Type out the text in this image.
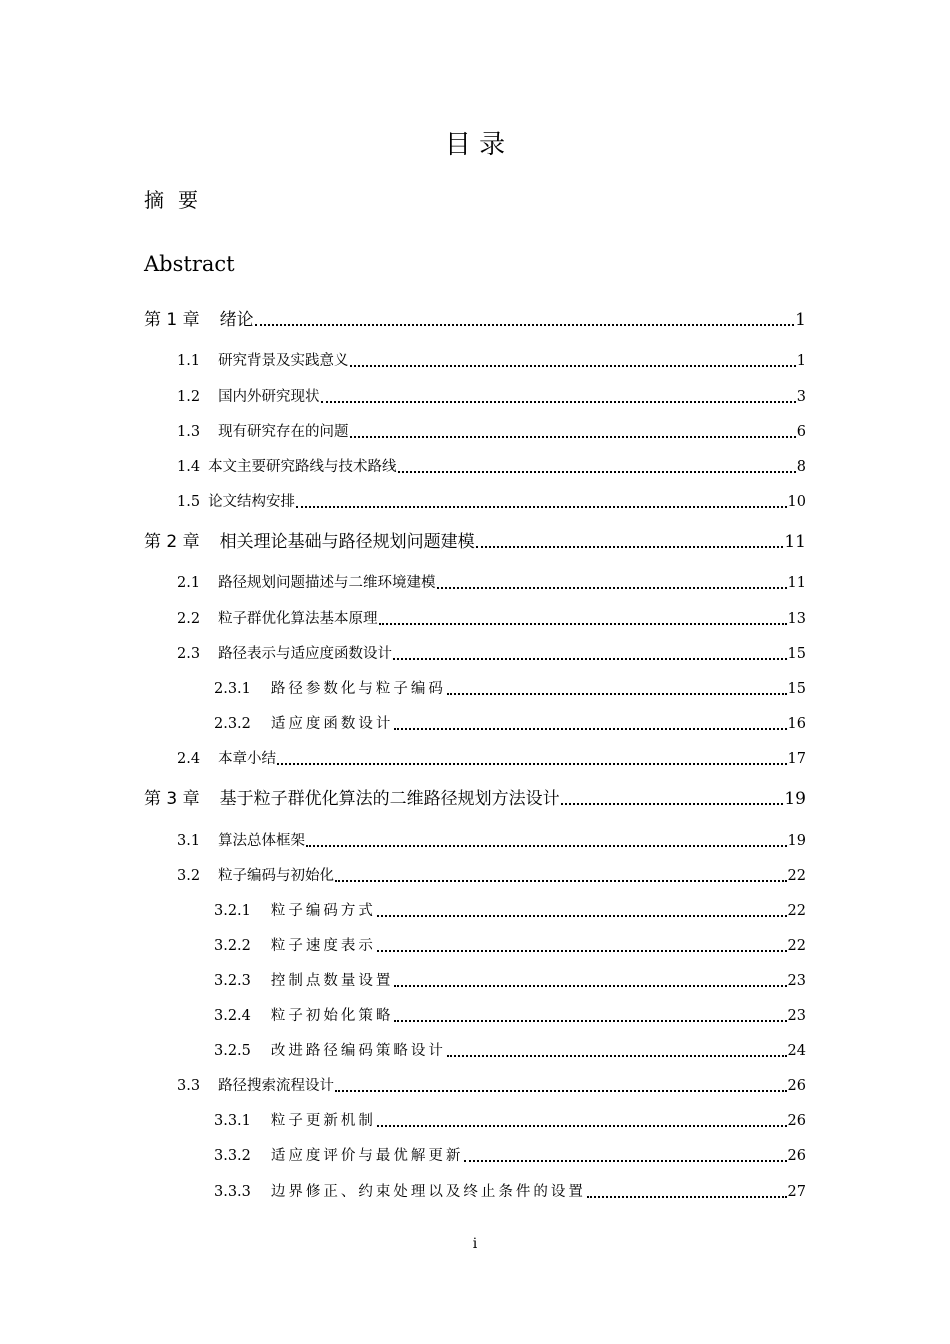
目 录
摘要
Abstract
第 1 章 绪论	1
1.1 研究背景及实践意义	1
1.2 国内外研究现状	3
1.3 现有研究存在的问题	6
1.4 本文主要研究路线与技术路线	8
1.5 论文结构安排	10
第 2 章 相关理论基础与路径规划问题建模	11
2.1 路径规划问题描述与二维环境建模	11
2.2 粒子群优化算法基本原理	13
2.3 路径表示与适应度函数设计	15
2.3.1 路径参数化与粒子编码	15
2.3.2 适应度函数设计	16
2.4 本章小结	17
第 3 章 基于粒子群优化算法的二维路径规划方法设计	19
3.1 算法总体框架	19
3.2 粒子编码与初始化	22
3.2.1 粒子编码方式	22
3.2.2 粒子速度表示	22
3.2.3 控制点数量设置	23
3.2.4 粒子初始化策略	23
3.2.5 改进路径编码策略设计	24
3.3 路径搜索流程设计	26
3.3.1 粒子更新机制	26
3.3.2 适应度评价与最优解更新	26
3.3.3 边界修正、约束处理以及终止条件的设置	27
i
